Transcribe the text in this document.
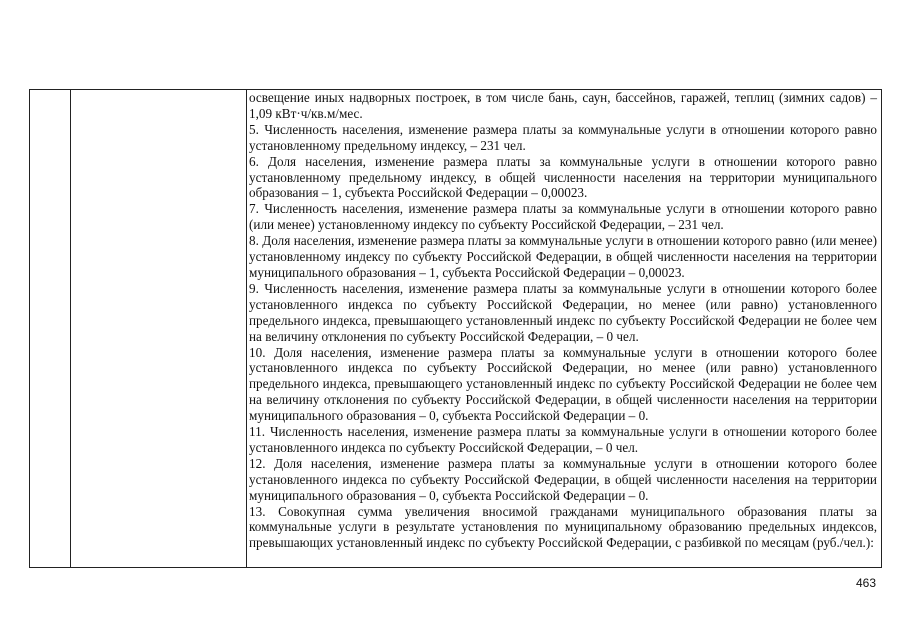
освещение иных надворных построек, в том числе бань, саун, бассейнов, гаражей, теплиц (зимних садов) – 1,09 кВт·ч/кв.м/мес.

5. Численность населения, изменение размера платы за коммунальные услуги в отношении которого равно установленному предельному индексу, – 231 чел.

6. Доля населения, изменение размера платы за коммунальные услуги в отношении которого равно установленному предельному индексу, в общей численности населения на территории муниципального образования – 1, субъекта Российской Федерации – 0,00023.

7. Численность населения, изменение размера платы за коммунальные услуги в отношении которого равно (или менее) установленному индексу по субъекту Российской Федерации, – 231 чел.

8. Доля населения, изменение размера платы за коммунальные услуги в отношении которого равно (или менее) установленному индексу по субъекту Российской Федерации, в общей численности населения на территории муниципального образования – 1, субъекта Российской Федерации – 0,00023.

9. Численность населения, изменение размера платы за коммунальные услуги в отношении которого более установленного индекса по субъекту Российской Федерации, но менее (или равно) установленного предельного индекса, превышающего установленный индекс по субъекту Российской Федерации не более чем на величину отклонения по субъекту Российской Федерации, – 0 чел.

10. Доля населения, изменение размера платы за коммунальные услуги в отношении которого более установленного индекса по субъекту Российской Федерации, но менее (или равно) установленного предельного индекса, превышающего установленный индекс по субъекту Российской Федерации не более чем на величину отклонения по субъекту Российской Федерации, в общей численности населения на территории муниципального образования – 0, субъекта Российской Федерации – 0.

11. Численность населения, изменение размера платы за коммунальные услуги в отношении которого более установленного индекса по субъекту Российской Федерации, – 0 чел.

12. Доля населения, изменение размера платы за коммунальные услуги в отношении которого более установленного индекса по субъекту Российской Федерации, в общей численности населения на территории муниципального образования – 0, субъекта Российской Федерации – 0.

13. Совокупная сумма увеличения вносимой гражданами муниципального образования платы за коммунальные услуги в результате установления по муниципальному образованию предельных индексов, превышающих установленный индекс по субъекту Российской Федерации, с разбивкой по месяцам (руб./чел.):

463
